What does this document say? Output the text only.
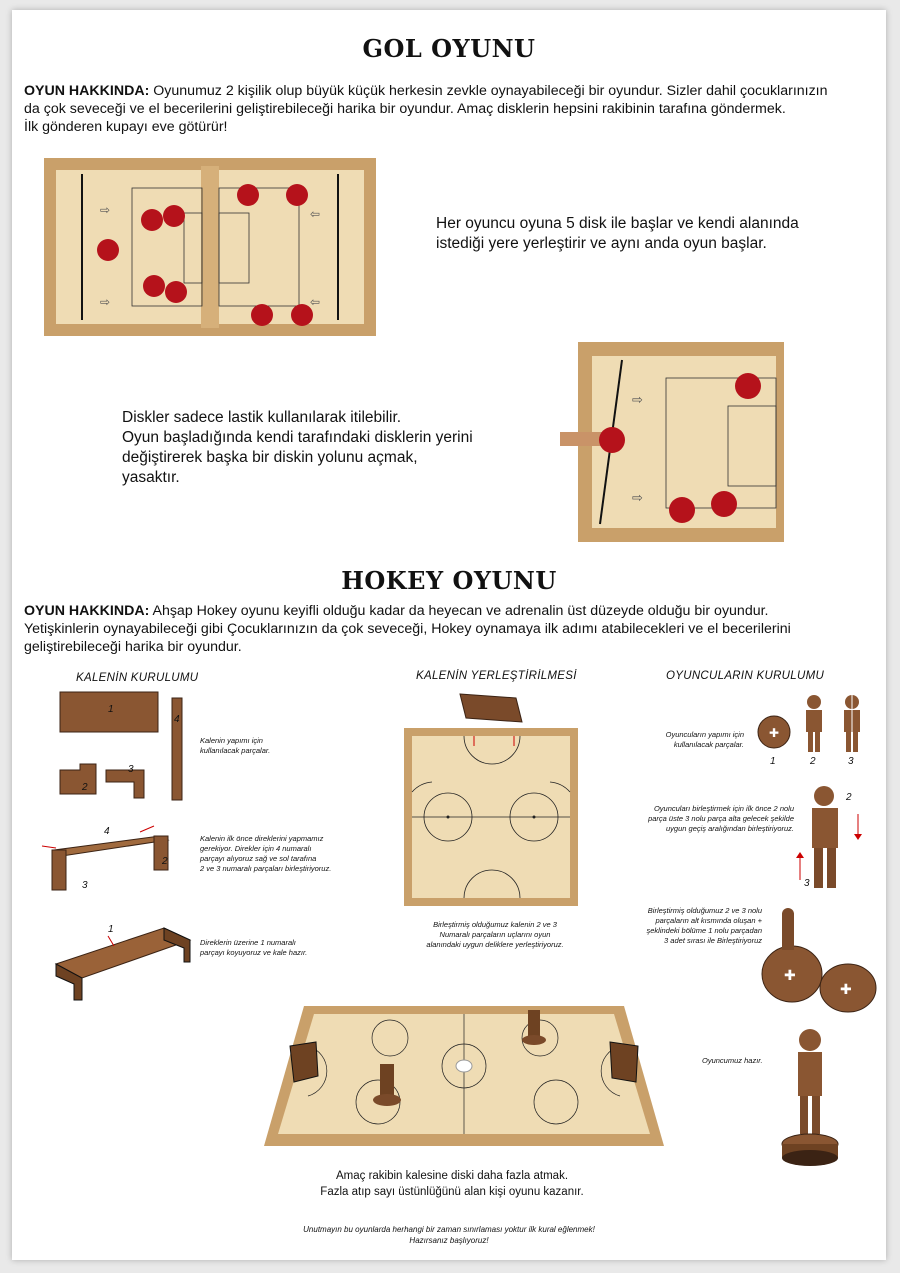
GOL OYUNU
OYUN HAKKINDA: Oyunumuz 2 kişilik olup büyük küçük herkesin zevkle oynayabileceği bir oyundur. Sizler dahil çocuklarınızın
da çok seveceği ve el becerilerini geliştirebileceği harika bir oyundur. Amaç disklerin hepsini rakibinin tarafına göndermek.
İlk gönderen kupayı eve götürür!
⇨
⇨
⇦
⇦
Her oyuncu oyuna 5 disk ile başlar ve kendi alanında
istediği yere yerleştirir ve aynı anda oyun başlar.
⇨
⇨
Diskler sadece lastik kullanılarak itilebilir.
Oyun başladığında kendi tarafındaki disklerin yerini
değiştirerek başka bir diskin yolunu açmak,
yasaktır.
HOKEY OYUNU
OYUN HAKKINDA: Ahşap Hokey oyunu keyifli olduğu kadar da heyecan ve adrenalin üst düzeyde olduğu bir oyundur.
Yetişkinlerin oynayabileceği gibi Çocuklarınızın da çok seveceği, Hokey oynamaya ilk adımı atabilecekleri ve el becerilerini
geliştirebileceği harika bir oyundur.
KALENİN KURULUMU
1
4
3
2
Kalenin yapımı için
kullanılacak parçalar.
4
2
3
Kalenin ilk önce direklerini yapmamız
gerekiyor. Direkler için 4 numaralı
parçayı alıyoruz sağ ve sol tarafına
2 ve 3 numaralı parçaları birleştiriyoruz.
1
Direklerin üzerine 1 numaralı
parçayı koyuyoruz ve kale hazır.
KALENİN YERLEŞTİRİLMESİ
Birleştirmiş olduğumuz kalenin 2 ve 3
Numaralı parçaların uçlarını oyun
alanındaki uygun deliklere yerleştiriyoruz.
OYUNCULARIN KURULUMU
Oyuncuların yapımı için
kullanılacak parçalar.
✚
1	2	3
Oyuncuları birleştirmek için ilk önce 2 nolu
parça üste 3 nolu parça alta gelecek şekilde
uygun geçiş aralığından birleştiriyoruz.
2
3
Birleştirmiş olduğumuz 2 ve 3 nolu
parçaların alt kısmında oluşan +
şeklindeki bölüme 1 nolu parçadan
3 adet sırası ile Birleştiriyoruz
✚
✚
Oyuncumuz hazır.
Amaç rakibin kalesine diski daha fazla atmak.
Fazla atıp sayı üstünlüğünü alan kişi oyunu kazanır.
Unutmayın bu oyunlarda herhangi bir zaman sınırlaması yoktur ilk kural eğlenmek!
Hazırsanız başlıyoruz!
